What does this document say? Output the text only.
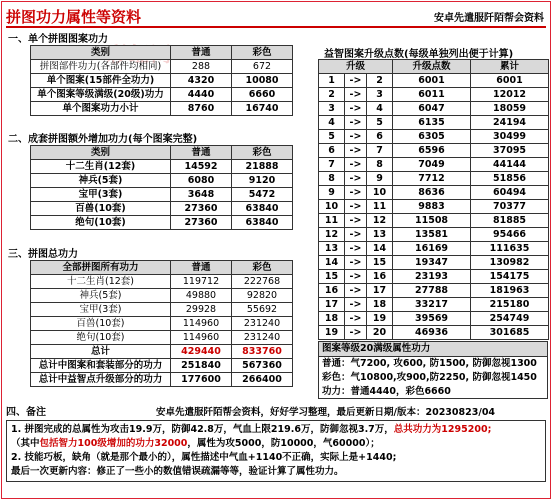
拼图功力属性等资料	安卓先遣服阡陌帮会资料
一、单个拼图图案功力
类别	普通	彩色
拼图部件功力(各部件均相同)	288	672
单个图案(15部件全功力)	4320	10080
单个图案等级满级(20级)功力	4440	6660
单个图案功力小计	8760	16740
二、成套拼图额外增加功力(每个图案完整)
类别	普通	彩色
十二生肖(12套)	14592	21888
神兵(5套)	6080	9120
宝甲(3套)	3648	5472
百兽(10套)	27360	63840
绝句(10套)	27360	63840
三、拼图总功力
全部拼图所有功力	普通	彩色
十二生肖(12套)	119712	222768
神兵(5套)	49880	92820
宝甲(3套)	29928	55692
百兽(10套)	114960	231240
绝句(10套)	114960	231240
总计	429440	833760
总计中图案和套装部分的功力	251840	567360
总计中益智点升级部分的功力	177600	266400
益智图案升级点数(每级单独列出便于计算)
升级			升级点数	累计
1	->	2	6001	6001
2	->	3	6011	12012
3	->	4	6047	18059
4	->	5	6135	24194
5	->	6	6305	30499
6	->	7	6596	37095
7	->	8	7049	44144
8	->	9	7712	51856
9	->	10	8636	60494
10	->	11	9883	70377
11	->	12	11508	81885
12	->	13	13581	95466
13	->	14	16169	111635
14	->	15	19347	130982
15	->	16	23193	154175
16	->	17	27788	181963
17	->	18	33217	215180
18	->	19	39569	254749
19	->	20	46936	301685
图案等级20满级属性功力
普通：气7200, 攻600, 防1500, 防御忽视1300
彩色：气10800,攻900,防2250, 防御忽视1450
功力：普通4440，彩色6660
四、备注	安卓先遣服阡陌帮会资料，好好学习整理，最后更新日期/版本：20230823/04
1. 拼图完成的总属性为攻击19.9万，防御42.8万，气血上限219.6万，防御忽视3.7万，总共功力为1295200;
（其中包括智力100级增加的功力32000，属性为攻5000，防10000，气60000）；
2. 技能巧板，缺角（就是那个最小的），属性描述中气血+1140不正确，实际上是+1440;
最后一次更新内容：修正了一些小的数值错误疏漏等等，验证计算了属性功力。
